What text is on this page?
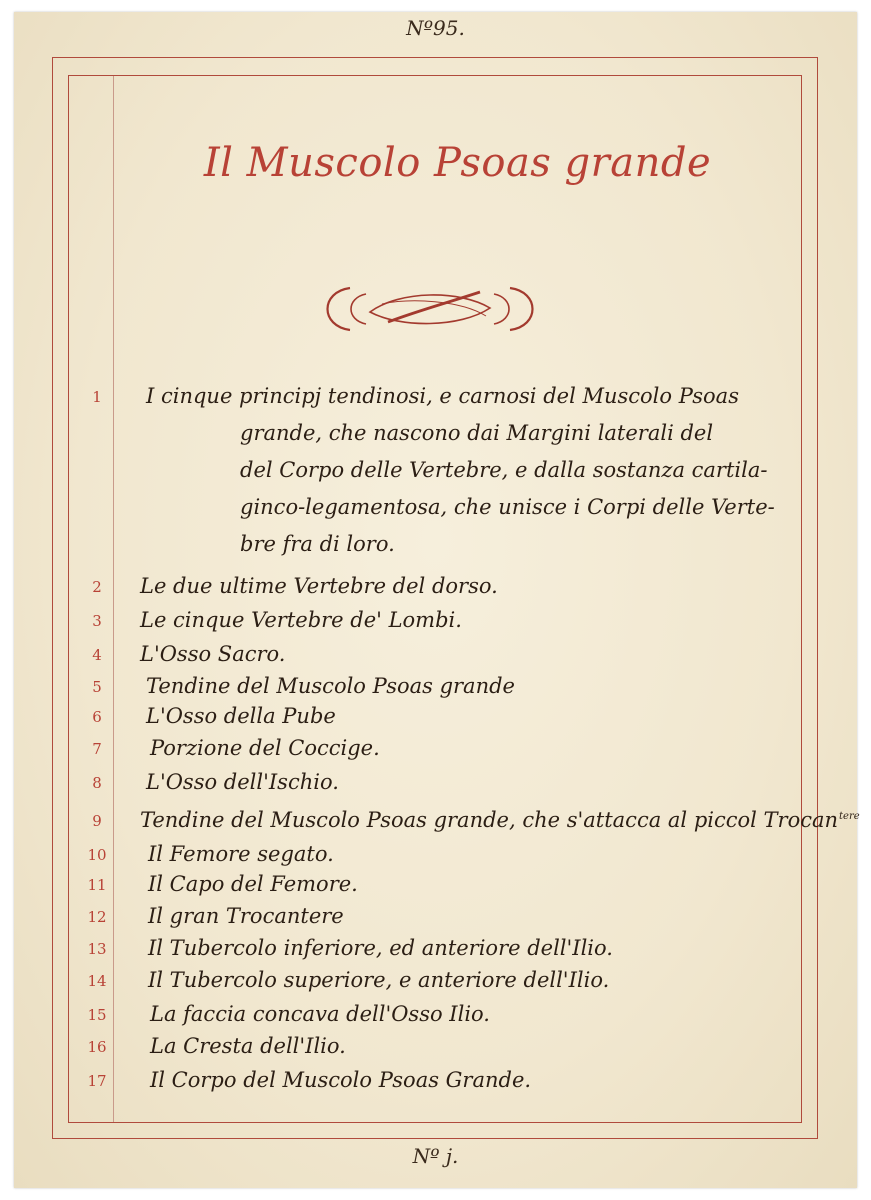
Nº95.
Il Muscolo Psoas grande
1	I cinque principj tendinosi, e carnosi del Muscolo Psoas
grande, che nascono dai Margini laterali del
del Corpo delle Vertebre, e dalla sostanza cartila-
ginco-legamentosa, che unisce i Corpi delle Verte-
bre fra di loro.
2	Le due ultime Vertebre del dorso.
3	Le cinque Vertebre de' Lombi.
4	L'Osso Sacro.
5	Tendine del Muscolo Psoas grande
6	L'Osso della Pube
7	Porzione del Coccige.
8	L'Osso dell'Ischio.
9	Tendine del Muscolo Psoas grande, che s'attacca al piccol Trocan$^{tere}$
10	Il Femore segato.
11	Il Capo del Femore.
12	Il gran Trocantere
13	Il Tubercolo inferiore, ed anteriore dell'Ilio.
14	Il Tubercolo superiore, e anteriore dell'Ilio.
15	La faccia concava dell'Osso Ilio.
16	La Cresta dell'Ilio.
17	Il Corpo del Muscolo Psoas Grande.
Nº j.
